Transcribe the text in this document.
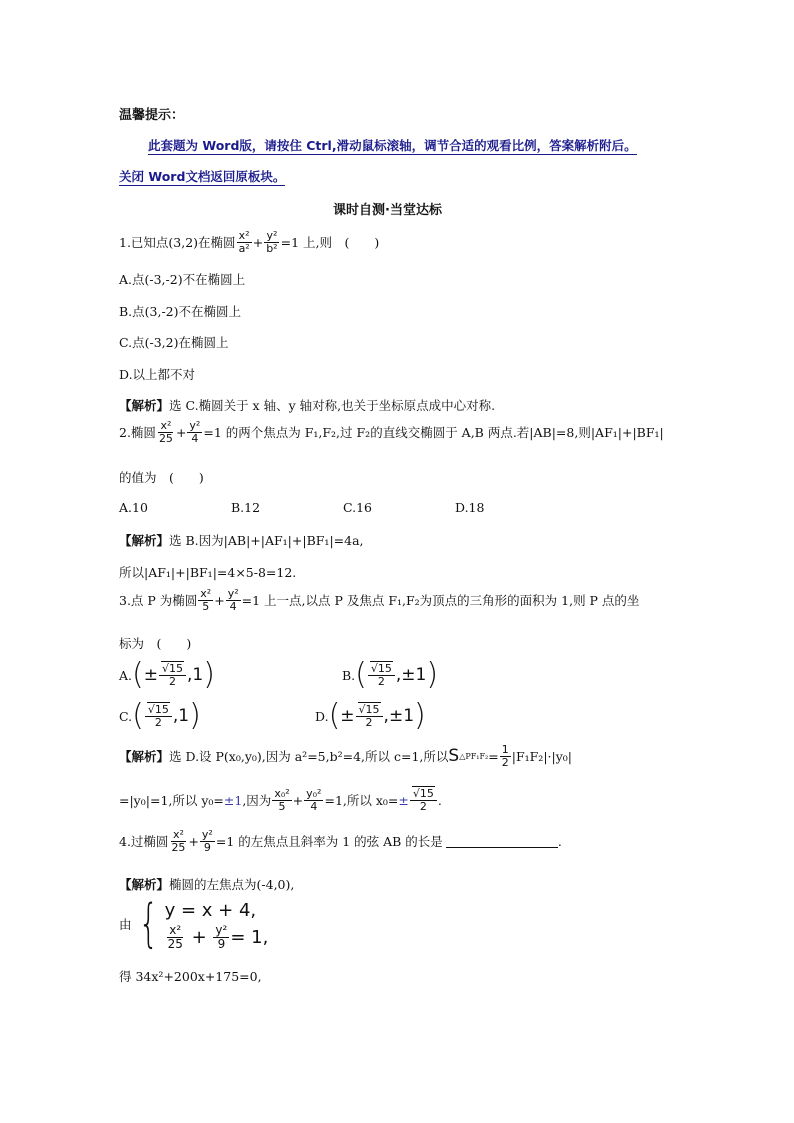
温馨提示：
此套题为 Word版，请按住 Ctrl,滑动鼠标滚轴，调节合适的观看比例，答案解析附后。
关闭 Word文档返回原板块。
课时自测·当堂达标
1.已知点(3,2)在椭圆 $\frac{\text{x²}}{\text{a²}} + \frac{\text{y²}}{\text{b²}} =1$ 上,则　(　　)
A.点(-3,-2)不在椭圆上
B.点(3,-2)不在椭圆上
C.点(-3,2)在椭圆上
D.以上都不对
【解析】选 C.椭圆关于 x 轴、y 轴对称,也关于坐标原点成中心对称.
2.椭圆 $\frac{\text{x²}}{25} + \frac{\text{y²}}{4} =1$ 的两个焦点为 F₁,F₂,过 F₂的直线交椭圆于 A,B 两点.若|AB|=8,则|AF₁|+|BF₁|
的值为　(　　)
A.10	B.12	C.16	D.18
【解析】选 B.因为|AB|+|AF₁|+|BF₁|=4a,
所以|AF₁|+|BF₁|=4×5-8=12.
3.点 P 为椭圆 $\frac{\text{x²}}{5} + \frac{\text{y²}}{4} =1$ 上一点,以点 P 及焦点 F₁,F₂为顶点的三角形的面积为 1,则 P 点的坐
标为　(　　)
A. ( ± $\frac{√15}{2} ,1$ )	B. ( $\frac{√15}{2} ,\pm 1$ )
C. ( $\frac{√15}{2} ,1$ )	D. ( ± $\frac{√15}{2} ,\pm 1$ )
【解析】 选 D.设 P(x₀,y₀),因为 a²=5,b²=4,所以 c=1,所以 S △PF₁F₂ = $\frac{1}{2} |F_1F_2|\cdot|y_0|$
=|y₀|=1,所以 y₀= ±1 ,因为 $\frac{\text{x₀²}}{5} + \frac{\text{y₀²}}{4} =1$,所以 $x_0= \pm \frac{√15}{2}$ .
4.过椭圆 $\frac{\text{x²}}{25} + \frac{\text{y²}}{9} =1$ 的左焦点且斜率为 1 的弦 AB 的长是	.
【解析】椭圆的左焦点为(-4,0),
由 { y = x + 4,
$\frac{\text{x²}}{25} + \frac{\text{y²}}{9} = 1$,
得 34x²+200x+175=0,
